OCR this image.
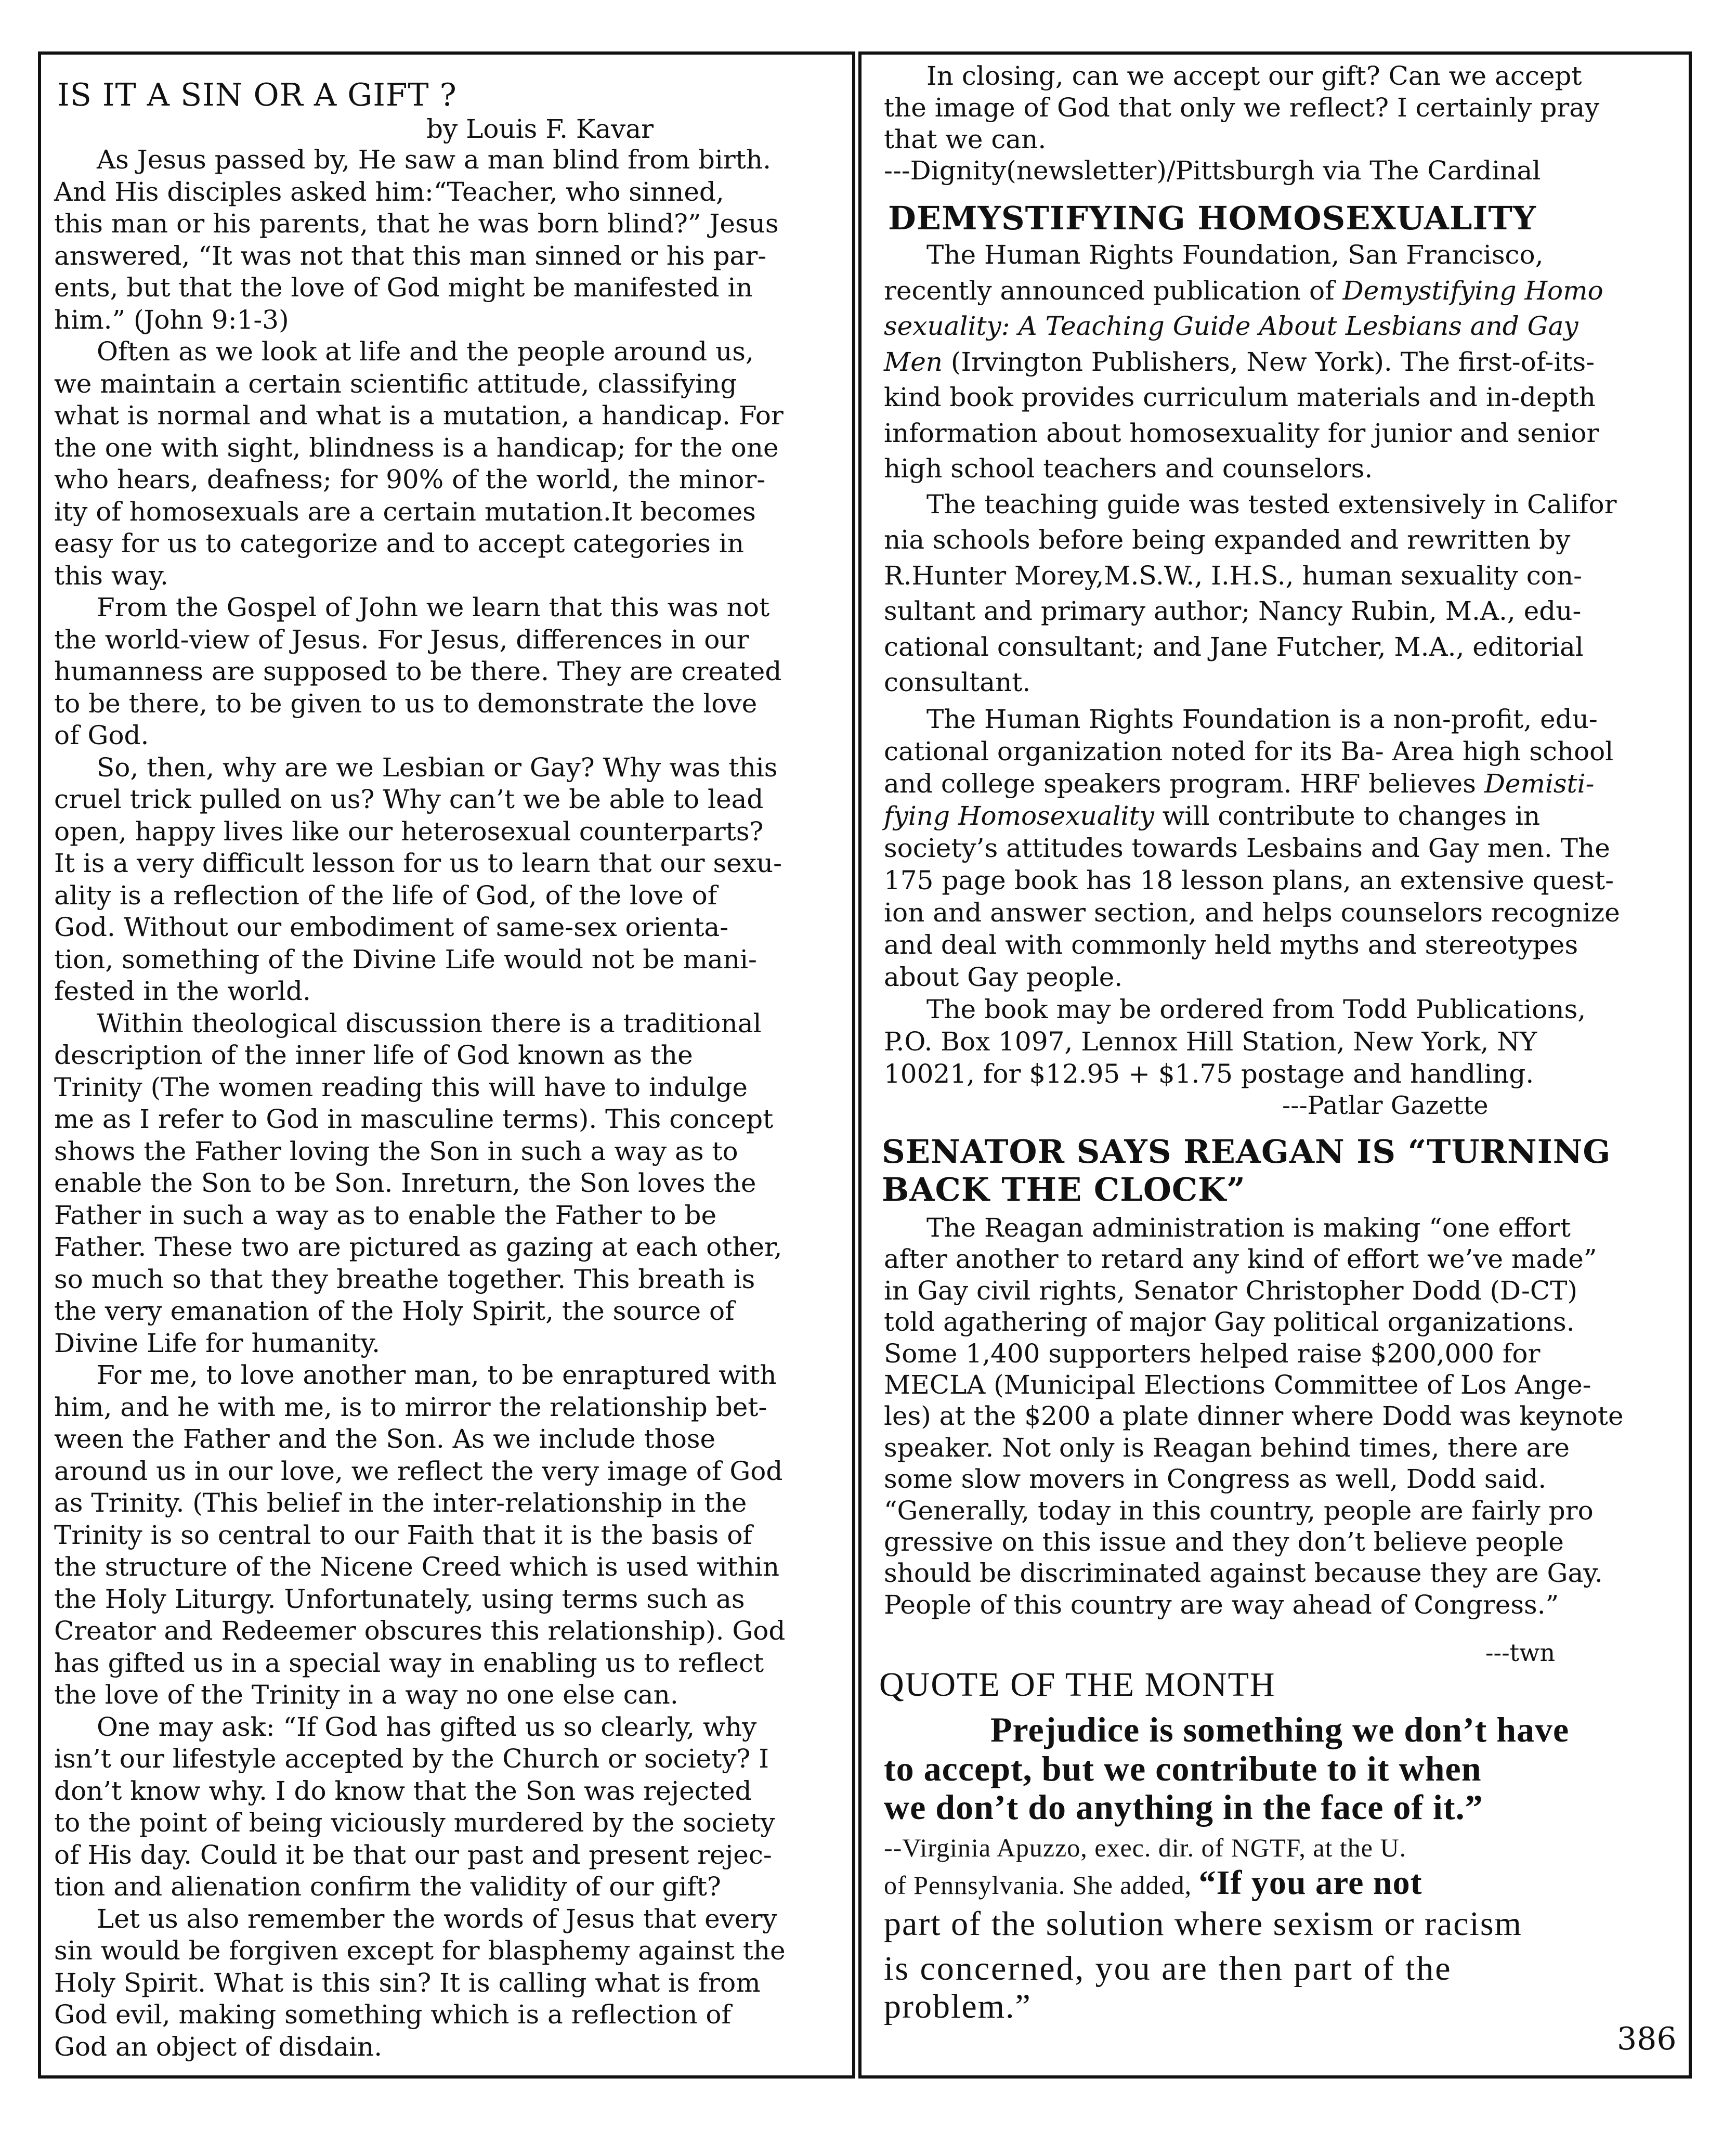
IS IT A SIN OR A GIFT ?
by Louis F. Kavar
As Jesus passed by, He saw a man blind from birth.
And His disciples asked him:“Teacher, who sinned,
this man or his parents, that he was born blind?” Jesus
answered, “It was not that this man sinned or his par-
ents, but that the love of God might be manifested in
him.” (John 9:1-3)
Often as we look at life and the people around us,
we maintain a certain scientific attitude, classifying
what is normal and what is a mutation, a handicap. For
the one with sight, blindness is a handicap; for the one
who hears, deafness; for 90% of the world, the minor-
ity of homosexuals are a certain mutation.It becomes
easy for us to categorize and to accept categories in
this way.
From the Gospel of John we learn that this was not
the world-view of Jesus. For Jesus, differences in our
humanness are supposed to be there. They are created
to be there, to be given to us to demonstrate the love
of God.
So, then, why are we Lesbian or Gay? Why was this
cruel trick pulled on us? Why can’t we be able to lead
open, happy lives like our heterosexual counterparts?
It is a very difficult lesson for us to learn that our sexu-
ality is a reflection of the life of God, of the love of
God. Without our embodiment of same-sex orienta-
tion, something of the Divine Life would not be mani-
fested in the world.
Within theological discussion there is a traditional
description of the inner life of God known as the
Trinity (The women reading this will have to indulge
me as I refer to God in masculine terms). This concept
shows the Father loving the Son in such a way as to
enable the Son to be Son. Inreturn, the Son loves the
Father in such a way as to enable the Father to be
Father. These two are pictured as gazing at each other,
so much so that they breathe together. This breath is
the very emanation of the Holy Spirit, the source of
Divine Life for humanity.
For me, to love another man, to be enraptured with
him, and he with me, is to mirror the relationship bet-
ween the Father and the Son. As we include those
around us in our love, we reflect the very image of God
as Trinity. (This belief in the inter-relationship in the
Trinity is so central to our Faith that it is the basis of
the structure of the Nicene Creed which is used within
the Holy Liturgy. Unfortunately, using terms such as
Creator and Redeemer obscures this relationship). God
has gifted us in a special way in enabling us to reflect
the love of the Trinity in a way no one else can.
One may ask: “If God has gifted us so clearly, why
isn’t our lifestyle accepted by the Church or society? I
don’t know why. I do know that the Son was rejected
to the point of being viciously murdered by the society
of His day. Could it be that our past and present rejec-
tion and alienation confirm the validity of our gift?
Let us also remember the words of Jesus that every
sin would be forgiven except for blasphemy against the
Holy Spirit. What is this sin? It is calling what is from
God evil, making something which is a reflection of
God an object of disdain.
In closing, can we accept our gift? Can we accept
the image of God that only we reflect? I certainly pray
that we can.
---Dignity(newsletter)/Pittsburgh via The Cardinal
DEMYSTIFYING HOMOSEXUALITY
The Human Rights Foundation, San Francisco,
recently announced publication of Demystifying Homo
sexuality: A Teaching Guide About Lesbians and Gay
Men (Irvington Publishers, New York). The first-of-its-
kind book provides curriculum materials and in-depth
information about homosexuality for junior and senior
high school teachers and counselors.
The teaching guide was tested extensively in Califor
nia schools before being expanded and rewritten by
R.Hunter Morey,M.S.W., I.H.S., human sexuality con-
sultant and primary author; Nancy Rubin, M.A., edu-
cational consultant; and Jane Futcher, M.A., editorial
consultant.
The Human Rights Foundation is a non-profit, edu-
cational organization noted for its Ba- Area high school
and college speakers program. HRF believes Demisti-
fying Homosexuality will contribute to changes in
society’s attitudes towards Lesbains and Gay men. The
175 page book has 18 lesson plans, an extensive quest-
ion and answer section, and helps counselors recognize
and deal with commonly held myths and stereotypes
about Gay people.
The book may be ordered from Todd Publications,
P.O. Box 1097, Lennox Hill Station, New York, NY
10021, for $12.95 + $1.75 postage and handling.
---Patlar Gazette
SENATOR SAYS REAGAN IS “TURNING
BACK THE CLOCK”
The Reagan administration is making “one effort
after another to retard any kind of effort we’ve made”
in Gay civil rights, Senator Christopher Dodd (D-CT)
told agathering of major Gay political organizations.
Some 1,400 supporters helped raise $200,000 for
MECLA (Municipal Elections Committee of Los Ange-
les) at the $200 a plate dinner where Dodd was keynote
speaker. Not only is Reagan behind times, there are
some slow movers in Congress as well, Dodd said.
“Generally, today in this country, people are fairly pro
gressive on this issue and they don’t believe people
should be discriminated against because they are Gay.
People of this country are way ahead of Congress.”
---twn
QUOTE OF THE MONTH
Prejudice is something we don’t have
to accept, but we contribute to it when
we don’t do anything in the face of it.”
--Virginia Apuzzo, exec. dir. of NGTF, at the U.
of Pennsylvania. She added, “If you are not
part of the solution where sexism or racism
is concerned, you are then part of the
problem.”
386
